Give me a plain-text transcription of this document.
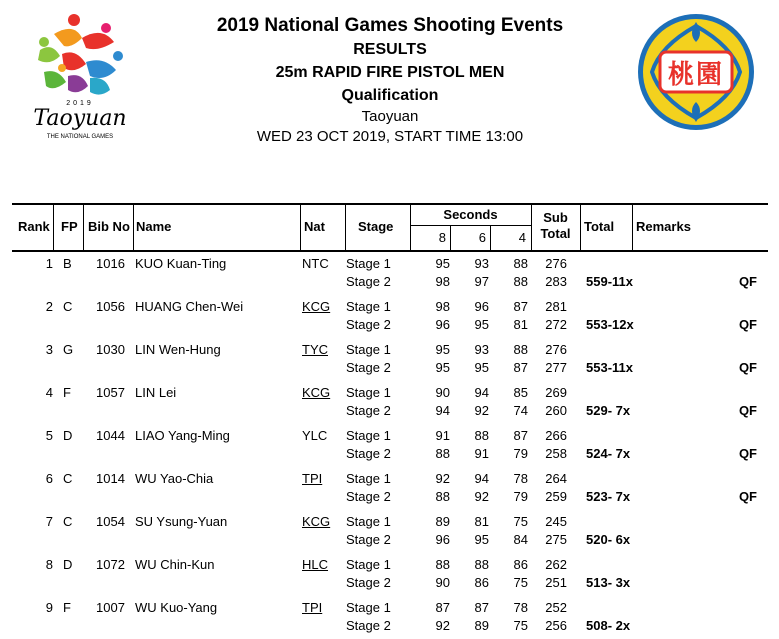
2019
Taoyuan
THE NATIONAL GAMES
2019 National Games Shooting Events
RESULTS
25m RAPID FIRE PISTOL MEN
Qualification
Taoyuan
WED 23 OCT 2019, START TIME 13:00
桃園
Rank FP Bib No Name	Nat	Stage
Seconds
8	6	4
Sub
Total	Total Remarks
1 B 1016 KUO Kuan-Ting	NTC Stage 1	95	93	88	276
Stage 2	98	97	88	283 559-11x	QF
2 C 1056 HUANG Chen-Wei	KCG Stage 1	98	96	87	281
Stage 2	96	95	81	272 553-12x	QF
3 G 1030 LIN Wen-Hung	TYC Stage 1	95	93	88	276
Stage 2	95	95	87	277 553-11x	QF
4 F 1057 LIN Lei	KCG Stage 1	90	94	85	269
Stage 2	94	92	74	260 529- 7x	QF
5 D 1044 LIAO Yang-Ming	YLC Stage 1	91	88	87	266
Stage 2	88	91	79	258 524- 7x	QF
6 C 1014 WU Yao-Chia	TPI Stage 1	92	94	78	264
Stage 2	88	92	79	259 523- 7x	QF
7 C 1054 SU Ysung-Yuan	KCG Stage 1	89	81	75	245
Stage 2	96	95	84	275 520- 6x
8 D 1072 WU Chin-Kun	HLC Stage 1	88	88	86	262
Stage 2	90	86	75	251 513- 3x
9 F 1007 WU Kuo-Yang	TPI Stage 1	87	87	78	252
Stage 2	92	89	75	256 508- 2x
